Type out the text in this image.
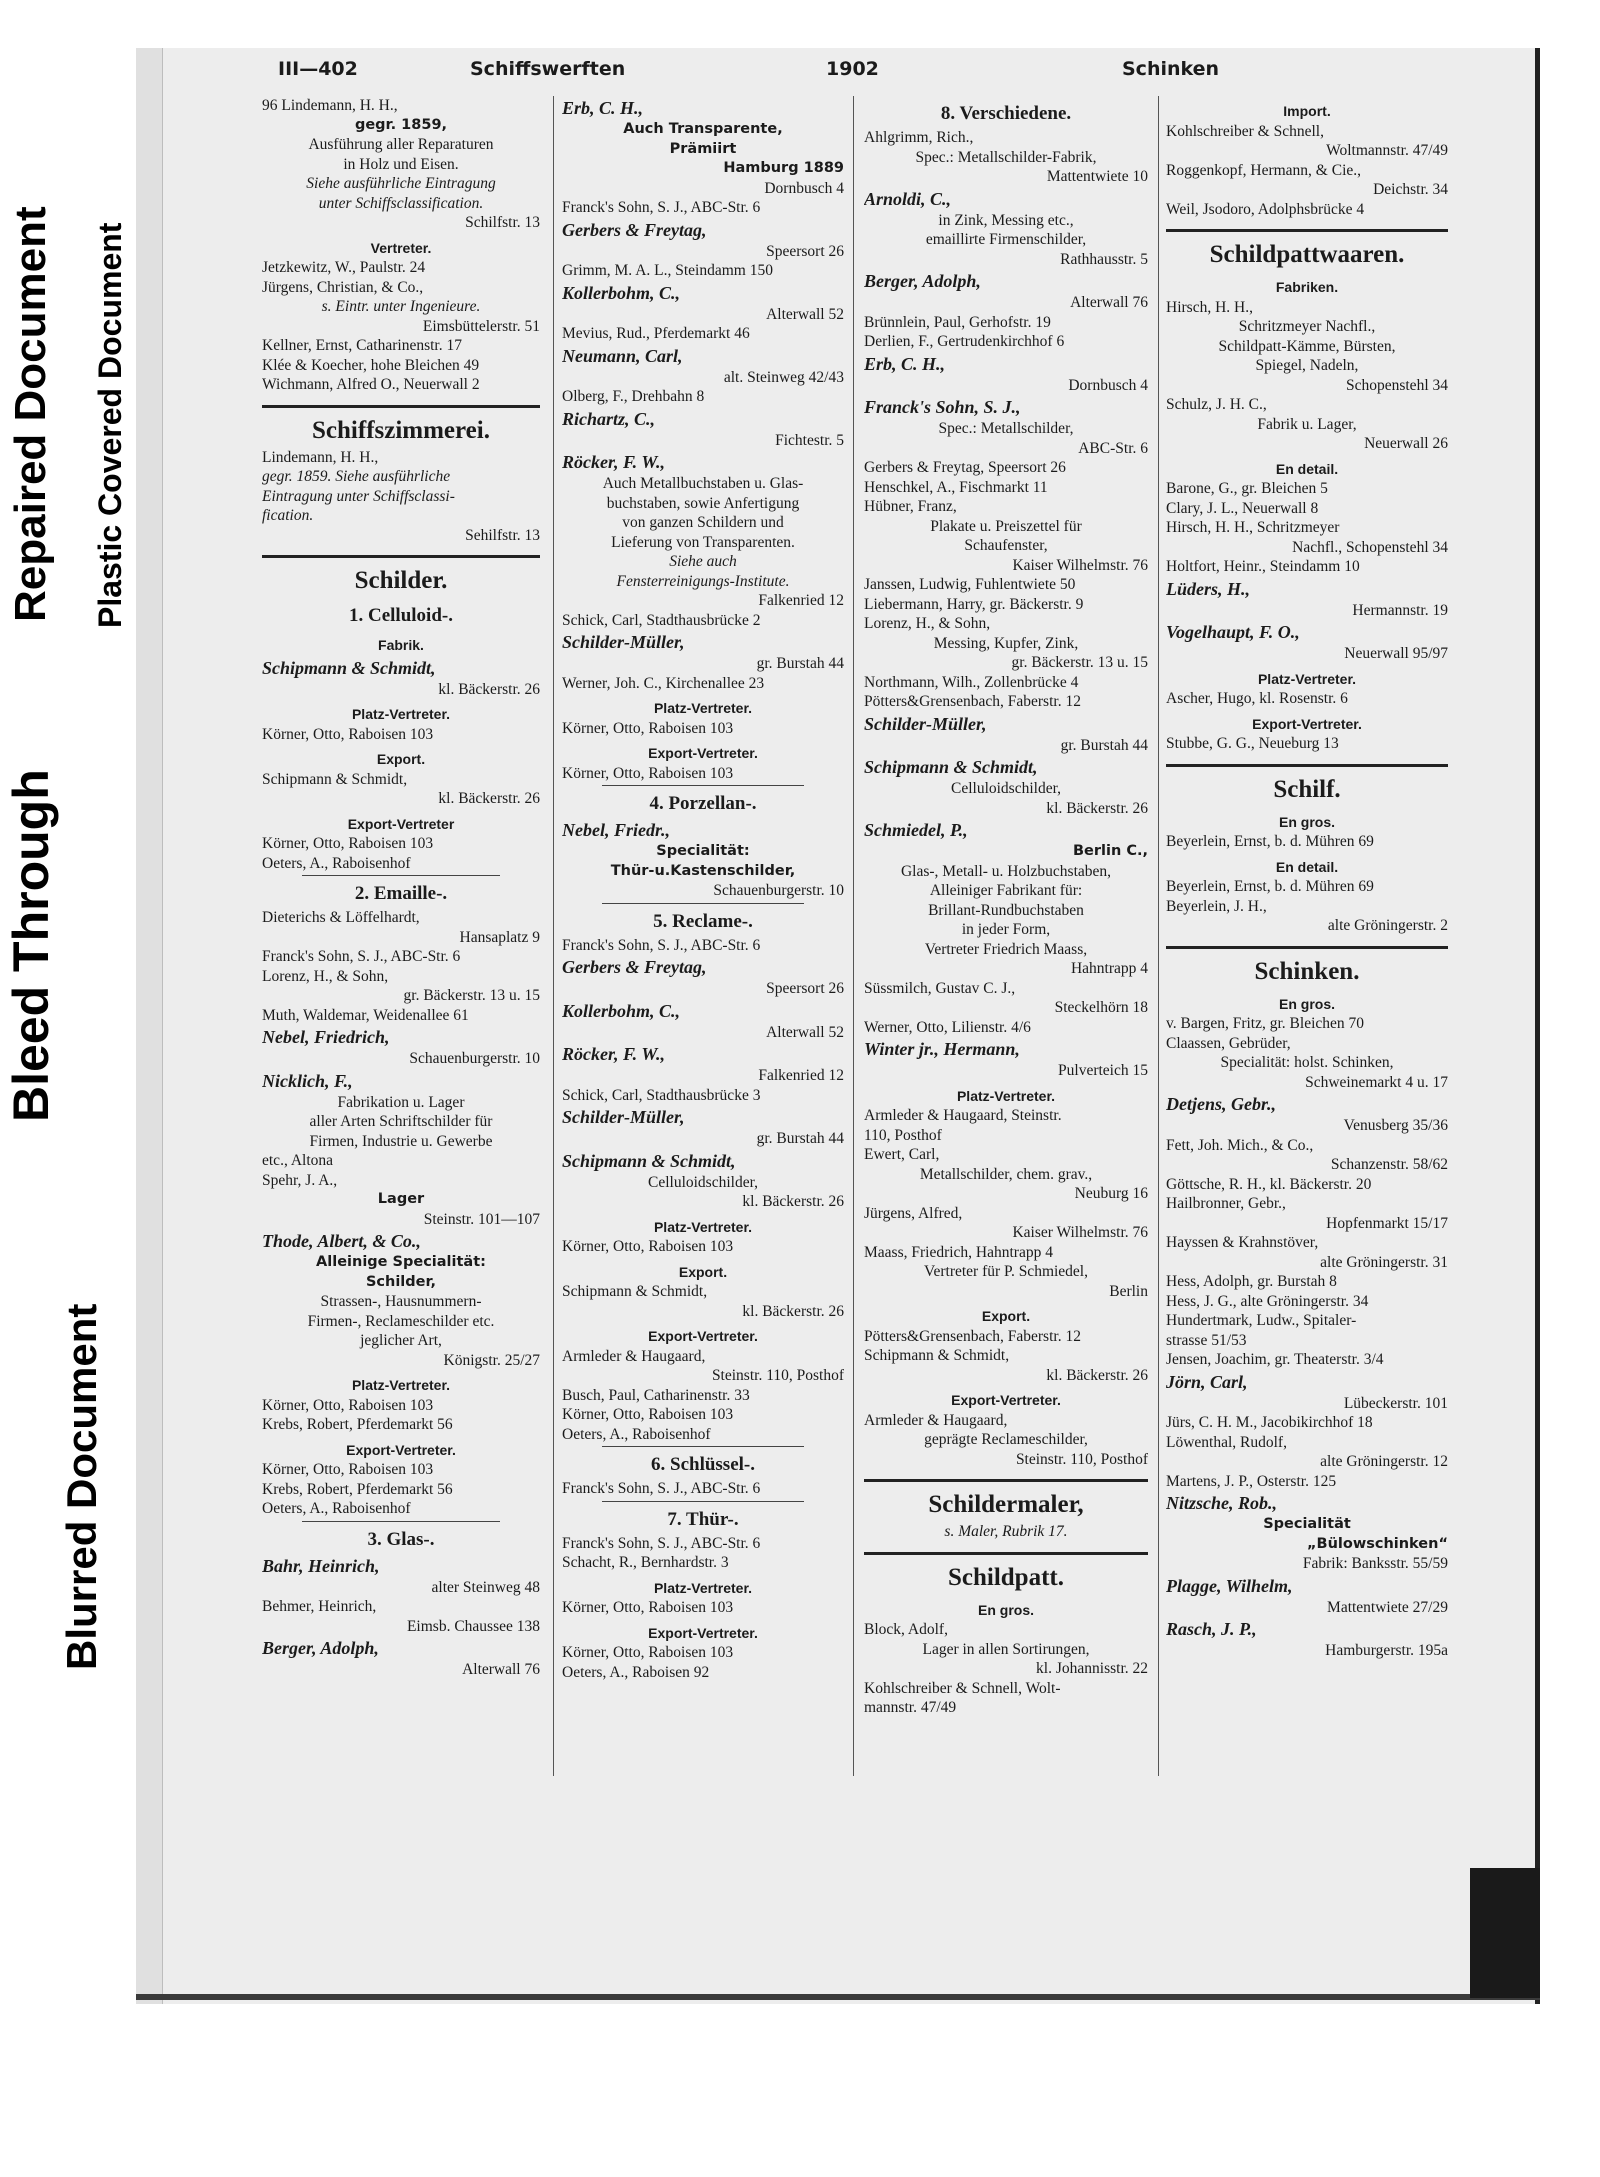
Repaired Document Plastic Covered Document
Bleed Through
Blurred Document
III—402	Schiffswerften	1902	Schinken
96 Lindemann, H. H.,
gegr. 1859,
Ausführung aller Reparaturen
in Holz und Eisen.
Siehe ausführliche Eintragung
unter Schiffsclassification.
Schilfstr. 13
Vertreter.
Jetzkewitz, W., Paulstr. 24
Jürgens, Christian, & Co.,
s. Eintr. unter Ingenieure.
Eimsbüttelerstr. 51
Kellner, Ernst, Catharinenstr. 17
Klée & Koecher, hohe Bleichen 49
Wichmann, Alfred O., Neuerwall 2
Schiffszimmerei.
Lindemann, H. H.,
gegr. 1859. Siehe ausführliche
Eintragung unter Schiffsclassi-
fication.
Sehilfstr. 13
Schilder.
1. Celluloid-.
Fabrik.
Schipmann & Schmidt,
kl. Bäckerstr. 26
Platz-Vertreter.
Körner, Otto, Raboisen 103
Export.
Schipmann & Schmidt,
kl. Bäckerstr. 26
Export-Vertreter
Körner, Otto, Raboisen 103
Oeters, A., Raboisenhof
2. Emaille-.
Dieterichs & Löffelhardt,
Hansaplatz 9
Franck's Sohn, S. J., ABC-Str. 6
Lorenz, H., & Sohn,
gr. Bäckerstr. 13 u. 15
Muth, Waldemar, Weidenallee 61
Nebel, Friedrich,
Schauenburgerstr. 10
Nicklich, F.,
Fabrikation u. Lager
aller Arten Schriftschilder für
Firmen, Industrie u. Gewerbe
etc., Altona
Spehr, J. A.,
Lager
Steinstr. 101—107
Thode, Albert, & Co.,
Alleinige Specialität:
Schilder,
Strassen-, Hausnummern-
Firmen-, Reclameschilder etc.
jeglicher Art,
Königstr. 25/27
Platz-Vertreter.
Körner, Otto, Raboisen 103
Krebs, Robert, Pferdemarkt 56
Export-Vertreter.
Körner, Otto, Raboisen 103
Krebs, Robert, Pferdemarkt 56
Oeters, A., Raboisenhof
3. Glas-.
Bahr, Heinrich,
alter Steinweg 48
Behmer, Heinrich,
Eimsb. Chaussee 138
Berger, Adolph,
Alterwall 76
Erb, C. H.,
Auch Transparente,
Prämiirt
Hamburg 1889
Dornbusch 4
Franck's Sohn, S. J., ABC-Str. 6
Gerbers & Freytag,
Speersort 26
Grimm, M. A. L., Steindamm 150
Kollerbohm, C.,
Alterwall 52
Mevius, Rud., Pferdemarkt 46
Neumann, Carl,
alt. Steinweg 42/43
Olberg, F., Drehbahn 8
Richartz, C.,
Fichtestr. 5
Röcker, F. W.,
Auch Metallbuchstaben u. Glas-
buchstaben, sowie Anfertigung
von ganzen Schildern und
Lieferung von Transparenten.
Siehe auch
Fensterreinigungs-Institute.
Falkenried 12
Schick, Carl, Stadthausbrücke 2
Schilder-Müller,
gr. Burstah 44
Werner, Joh. C., Kirchenallee 23
Platz-Vertreter.
Körner, Otto, Raboisen 103
Export-Vertreter.
Körner, Otto, Raboisen 103
4. Porzellan-.
Nebel, Friedr.,
Specialität:
Thür-u.Kastenschilder,
Schauenburgerstr. 10
5. Reclame-.
Franck's Sohn, S. J., ABC-Str. 6
Gerbers & Freytag,
Speersort 26
Kollerbohm, C.,
Alterwall 52
Röcker, F. W.,
Falkenried 12
Schick, Carl, Stadthausbrücke 3
Schilder-Müller,
gr. Burstah 44
Schipmann & Schmidt,
Celluloidschilder,
kl. Bäckerstr. 26
Platz-Vertreter.
Körner, Otto, Raboisen 103
Export.
Schipmann & Schmidt,
kl. Bäckerstr. 26
Export-Vertreter.
Armleder & Haugaard,
Steinstr. 110, Posthof
Busch, Paul, Catharinenstr. 33
Körner, Otto, Raboisen 103
Oeters, A., Raboisenhof
6. Schlüssel-.
Franck's Sohn, S. J., ABC-Str. 6
7. Thür-.
Franck's Sohn, S. J., ABC-Str. 6
Schacht, R., Bernhardstr. 3
Platz-Vertreter.
Körner, Otto, Raboisen 103
Export-Vertreter.
Körner, Otto, Raboisen 103
Oeters, A., Raboisen 92
8. Verschiedene.
Ahlgrimm, Rich.,
Spec.: Metallschilder-Fabrik,
Mattentwiete 10
Arnoldi, C.,
in Zink, Messing etc.,
emaillirte Firmenschilder,
Rathhausstr. 5
Berger, Adolph,
Alterwall 76
Brünnlein, Paul, Gerhofstr. 19
Derlien, F., Gertrudenkirchhof 6
Erb, C. H.,
Dornbusch 4
Franck's Sohn, S. J.,
Spec.: Metallschilder,
ABC-Str. 6
Gerbers & Freytag, Speersort 26
Henschkel, A., Fischmarkt 11
Hübner, Franz,
Plakate u. Preiszettel für
Schaufenster,
Kaiser Wilhelmstr. 76
Janssen, Ludwig, Fuhlentwiete 50
Liebermann, Harry, gr. Bäckerstr. 9
Lorenz, H., & Sohn,
Messing, Kupfer, Zink,
gr. Bäckerstr. 13 u. 15
Northmann, Wilh., Zollenbrücke 4
Pötters&Grensenbach, Faberstr. 12
Schilder-Müller,
gr. Burstah 44
Schipmann & Schmidt,
Celluloidschilder,
kl. Bäckerstr. 26
Schmiedel, P.,
Berlin C.,
Glas-, Metall- u. Holzbuchstaben,
Alleiniger Fabrikant für:
Brillant-Rundbuchstaben
in jeder Form,
Vertreter Friedrich Maass,
Hahntrapp 4
Süssmilch, Gustav C. J.,
Steckelhörn 18
Werner, Otto, Lilienstr. 4/6
Winter jr., Hermann,
Pulverteich 15
Platz-Vertreter.
Armleder & Haugaard, Steinstr.
110, Posthof
Ewert, Carl,
Metallschilder, chem. grav.,
Neuburg 16
Jürgens, Alfred,
Kaiser Wilhelmstr. 76
Maass, Friedrich, Hahntrapp 4
Vertreter für P. Schmiedel,
Berlin
Export.
Pötters&Grensenbach, Faberstr. 12
Schipmann & Schmidt,
kl. Bäckerstr. 26
Export-Vertreter.
Armleder & Haugaard,
geprägte Reclameschilder,
Steinstr. 110, Posthof
Schildermaler,
s. Maler, Rubrik 17.
Schildpatt.
En gros.
Block, Adolf,
Lager in allen Sortirungen,
kl. Johannisstr. 22
Kohlschreiber & Schnell, Wolt-
mannstr. 47/49
Import.
Kohlschreiber & Schnell,
Woltmannstr. 47/49
Roggenkopf, Hermann, & Cie.,
Deichstr. 34
Weil, Jsodoro, Adolphsbrücke 4
Schildpattwaaren.
Fabriken.
Hirsch, H. H.,
Schritzmeyer Nachfl.,
Schildpatt-Kämme, Bürsten,
Spiegel, Nadeln,
Schopenstehl 34
Schulz, J. H. C.,
Fabrik u. Lager,
Neuerwall 26
En detail.
Barone, G., gr. Bleichen 5
Clary, J. L., Neuerwall 8
Hirsch, H. H., Schritzmeyer
Nachfl., Schopenstehl 34
Holtfort, Heinr., Steindamm 10
Lüders, H.,
Hermannstr. 19
Vogelhaupt, F. O.,
Neuerwall 95/97
Platz-Vertreter.
Ascher, Hugo, kl. Rosenstr. 6
Export-Vertreter.
Stubbe, G. G., Neueburg 13
Schilf.
En gros.
Beyerlein, Ernst, b. d. Mühren 69
En detail.
Beyerlein, Ernst, b. d. Mühren 69
Beyerlein, J. H.,
alte Gröningerstr. 2
Schinken.
En gros.
v. Bargen, Fritz, gr. Bleichen 70
Claassen, Gebrüder,
Specialität: holst. Schinken,
Schweinemarkt 4 u. 17
Detjens, Gebr.,
Venusberg 35/36
Fett, Joh. Mich., & Co.,
Schanzenstr. 58/62
Göttsche, R. H., kl. Bäckerstr. 20
Hailbronner, Gebr.,
Hopfenmarkt 15/17
Hayssen & Krahnstöver,
alte Gröningerstr. 31
Hess, Adolph, gr. Burstah 8
Hess, J. G., alte Gröningerstr. 34
Hundertmark, Ludw., Spitaler-
strasse 51/53
Jensen, Joachim, gr. Theaterstr. 3/4
Jörn, Carl,
Lübeckerstr. 101
Jürs, C. H. M., Jacobikirchhof 18
Löwenthal, Rudolf,
alte Gröningerstr. 12
Martens, J. P., Osterstr. 125
Nitzsche, Rob.,
Specialität
„Bülowschinken“
Fabrik: Banksstr. 55/59
Plagge, Wilhelm,
Mattentwiete 27/29
Rasch, J. P.,
Hamburgerstr. 195a
